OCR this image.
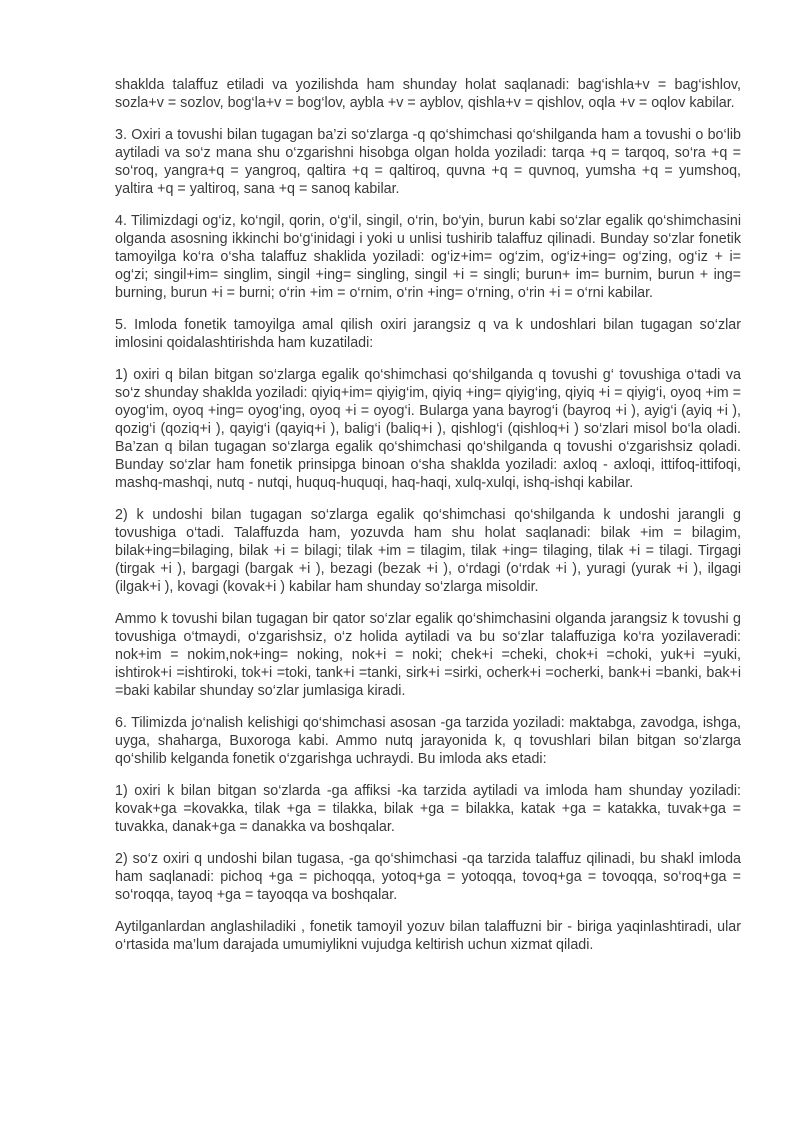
shaklda talaffuz etiladi va yozilishda ham shunday holat saqlanadi: bag‘ishla+v = bag‘ishlov, sozla+v = sozlov, bog‘la+v = bog‘lov, aybla +v = ayblov, qishla+v = qishlov, oqla +v = oqlov kabilar.

3. Oxiri a tovushi bilan tugagan ba’zi so‘zlarga -q qo‘shimchasi qo‘shilganda ham a tovushi o bo‘lib aytiladi va so‘z mana shu o‘zgarishni hisobga olgan holda yoziladi: tarqa +q = tarqoq, so‘ra +q = so‘roq, yangra+q = yangroq, qaltira +q = qaltiroq, quvna +q = quvnoq, yumsha +q = yumshoq, yaltira +q = yaltiroq, sana +q = sanoq kabilar.

4. Tilimizdagi og‘iz, ko‘ngil, qorin, o‘g‘il, singil, o‘rin, bo‘yin, burun kabi so‘zlar egalik qo‘shimchasini olganda asosning ikkinchi bo‘g‘inidagi i yoki u unlisi tushirib talaffuz qilinadi. Bunday so‘zlar fonetik tamoyilga ko‘ra o‘sha talaffuz shaklida yoziladi: og‘iz+im= og‘zim, og‘iz+ing= og‘zing, og‘iz + i= og‘zi; singil+im= singlim, singil +ing= singling, singil +i = singli; burun+ im= burnim, burun + ing= burning, burun +i = burni; o‘rin +im = o‘rnim, o‘rin +ing= o‘rning, o‘rin +i = o‘rni kabilar.

5. Imloda fonetik tamoyilga amal qilish oxiri jarangsiz q va k undoshlari bilan tugagan so‘zlar imlosini qoidalashtirishda ham kuzatiladi:

1) oxiri q bilan bitgan so‘zlarga egalik qo‘shimchasi qo‘shilganda q tovushi g‘ tovushiga o‘tadi va so‘z shunday shaklda yoziladi: qiyiq+im= qiyig‘im, qiyiq +ing= qiyig‘ing, qiyiq +i = qiyig‘i, oyoq +im = oyog‘im, oyoq +ing= oyog‘ing, oyoq +i = oyog‘i. Bularga yana bayrog‘i (bayroq +i ), ayig‘i (ayiq +i ), qozig‘i (qoziq+i ), qayig‘i (qayiq+i ), balig‘i (baliq+i ), qishlog‘i (qishloq+i ) so‘zlari misol bo‘la oladi. Ba’zan q bilan tugagan so‘zlarga egalik qo‘shimchasi qo‘shilganda q tovushi o‘zgarishsiz qoladi. Bunday so‘zlar ham fonetik prinsipga binoan o‘sha shaklda yoziladi: axloq - axloqi, ittifoq-ittifoqi, mashq-mashqi, nutq - nutqi, huquq-huquqi, haq-haqi, xulq-xulqi, ishq-ishqi kabilar.

2) k undoshi bilan tugagan so‘zlarga egalik qo‘shimchasi qo‘shilganda k undoshi jarangli g tovushiga o‘tadi. Talaffuzda ham, yozuvda ham shu holat saqlanadi: bilak +im = bilagim, bilak+ing=bilaging, bilak +i = bilagi; tilak +im = tilagim, tilak +ing= tilaging, tilak +i = tilagi. Tirgagi (tirgak +i ), bargagi (bargak +i ), bezagi (bezak +i ), o‘rdagi (o‘rdak +i ), yuragi (yurak +i ), ilgagi (ilgak+i ), kovagi (kovak+i ) kabilar ham shunday so‘zlarga misoldir.

Ammo k tovushi bilan tugagan bir qator so‘zlar egalik qo‘shimchasini olganda jarangsiz k tovushi g tovushiga o‘tmaydi, o‘zgarishsiz, o‘z holida aytiladi va bu so‘zlar talaffuziga ko‘ra yozilaveradi: nok+im = nokim,nok+ing= noking, nok+i = noki; chek+i =cheki, chok+i =choki, yuk+i =yuki, ishtirok+i =ishtiroki, tok+i =toki, tank+i =tanki, sirk+i =sirki, ocherk+i =ocherki, bank+i =banki, bak+i =baki kabilar shunday so‘zlar jumlasiga kiradi.

6. Tilimizda jo‘nalish kelishigi qo‘shimchasi asosan -ga tarzida yoziladi: maktabga, zavodga, ishga, uyga, shaharga, Buxoroga kabi. Ammo nutq jarayonida k, q tovushlari bilan bitgan so‘zlarga qo‘shilib kelganda fonetik o‘zgarishga uchraydi. Bu imloda aks etadi:

1) oxiri k bilan bitgan so‘zlarda -ga affiksi -ka tarzida aytiladi va imloda ham shunday yoziladi: kovak+ga =kovakka, tilak +ga = tilakka, bilak +ga = bilakka, katak +ga = katakka, tuvak+ga = tuvakka, danak+ga = danakka va boshqalar.

2) so‘z oxiri q undoshi bilan tugasa, -ga qo‘shimchasi -qa tarzida talaffuz qilinadi, bu shakl imloda ham saqlanadi: pichoq +ga = pichoqqa, yotoq+ga = yotoqqa, tovoq+ga = tovoqqa, so‘roq+ga = so‘roqqa, tayoq +ga = tayoqqa va boshqalar.

Aytilganlardan anglashiladiki , fonetik tamoyil yozuv bilan talaffuzni bir - biriga yaqinlashtiradi, ular o‘rtasida ma’lum darajada umumiylikni vujudga keltirish uchun xizmat qiladi.
